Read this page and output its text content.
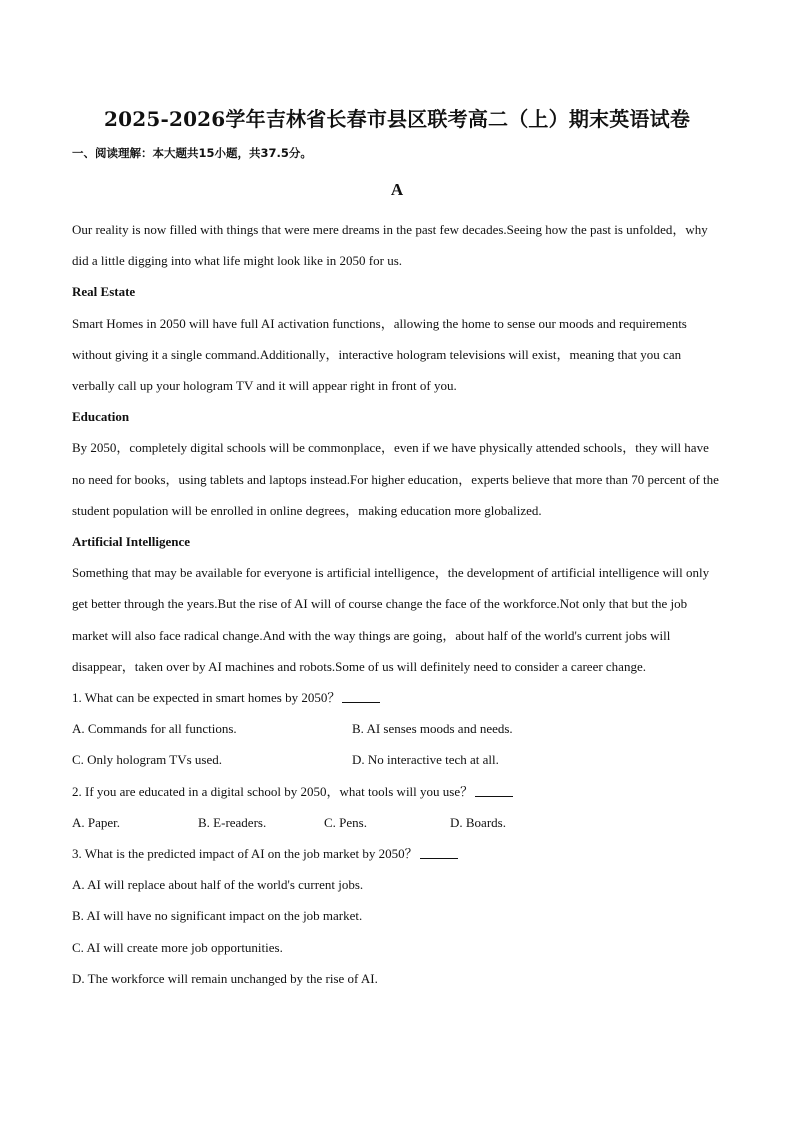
2025-2026学年吉林省长春市县区联考高二（上）期末英语试卷
一、阅读理解：本大题共15小题，共37.5分。
A

Our reality is now filled with things that were mere dreams in the past few decades.Seeing how the past is unfolded，why did a little digging into what life might look like in 2050 for us.

Real Estate

Smart Homes in 2050 will have full AI activation functions，allowing the home to sense our moods and requirements without giving it a single command.Additionally，interactive hologram televisions will exist，meaning that you can verbally call up your hologram TV and it will appear right in front of you.

Education

By 2050，completely digital schools will be commonplace，even if we have physically attended schools，they will have no need for books，using tablets and laptops instead.For higher education，experts believe that more than 70 percent of the student population will be enrolled in online degrees，making education more globalized.

Artificial Intelligence

Something that may be available for everyone is artificial intelligence，the development of artificial intelligence will only get better through the years.But the rise of AI will of course change the face of the workforce.Not only that but the job market will also face radical change.And with the way things are going，about half of the world's current jobs will disappear，taken over by AI machines and robots.Some of us will definitely need to consider a career change.

1. What can be expected in smart homes by 2050？

A. Commands for all functions.	B. AI senses moods and needs.
C. Only hologram TVs used.	D. No interactive tech at all.

2. If you are educated in a digital school by 2050，what tools will you use？

A. Paper.	B. E-readers.	C. Pens.	D. Boards.

3. What is the predicted impact of AI on the job market by 2050？

A. AI will replace about half of the world's current jobs.

B. AI will have no significant impact on the job market.

C. AI will create more job opportunities.

D. The workforce will remain unchanged by the rise of AI.
